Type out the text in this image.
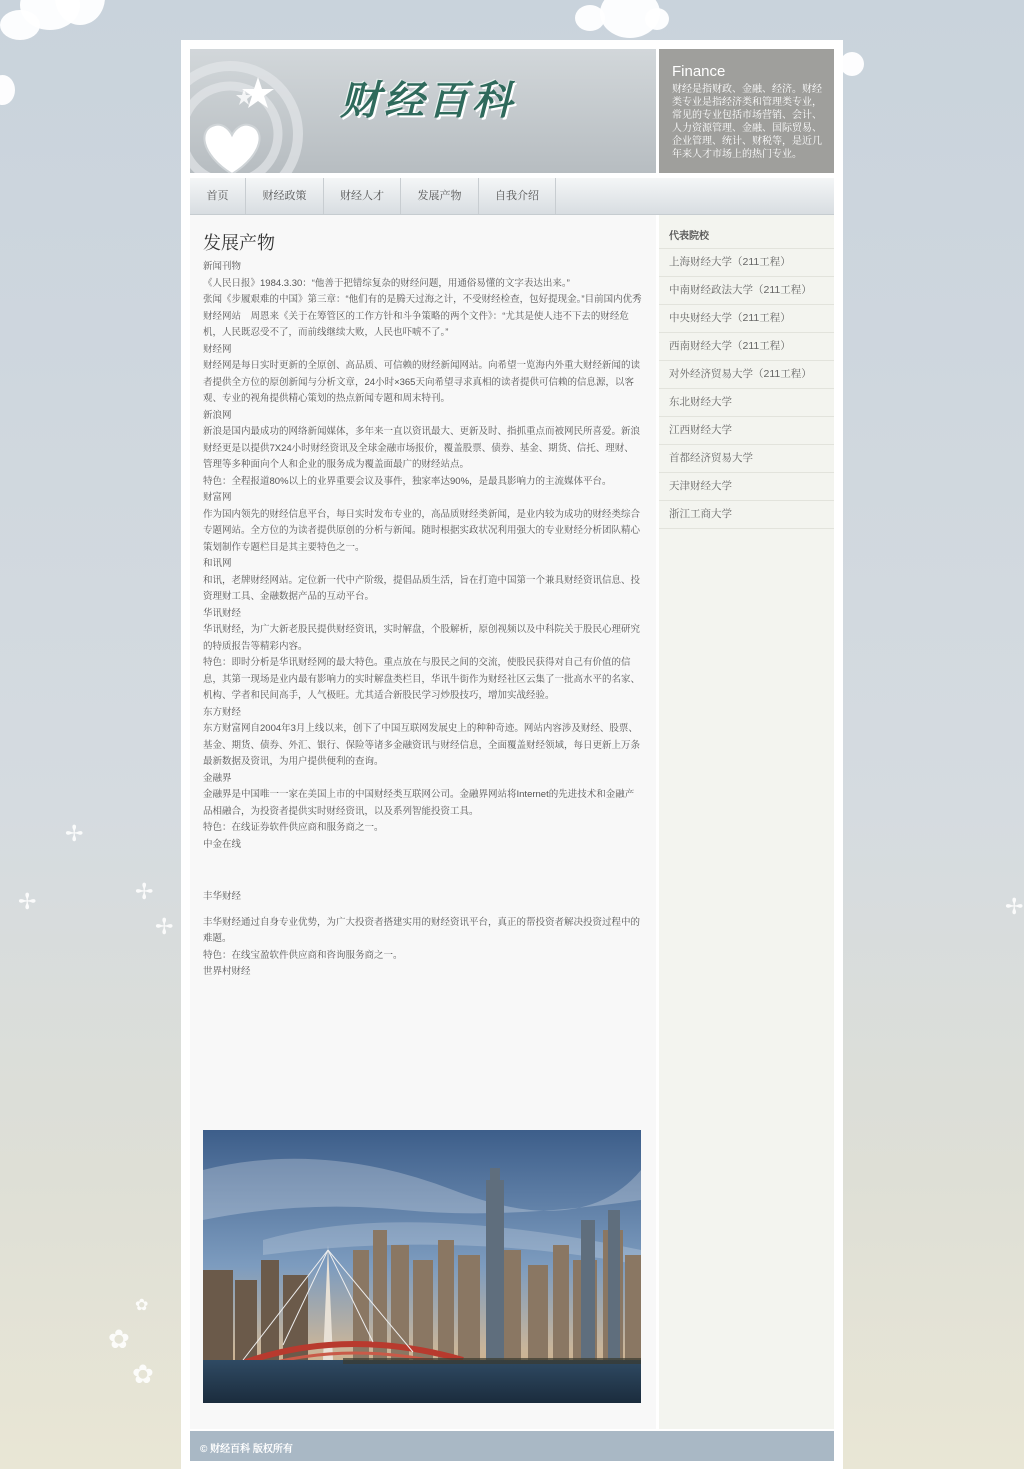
✢
✢	✢
✢
✢
✿
✿
✿
财经百科
Finance
财经是指财政、金融、经济。财经类专业是指经济类和管理类专业，常见的专业包括市场营销、会计、人力资源管理、金融、国际贸易、企业管理、统计、财税等，是近几年来人才市场上的热门专业。
首页	财经政策	财经人才	发展产物	自我介绍
发展产物

新闻刊物

《人民日报》1984.3.30：“他善于把错综复杂的财经问题，用通俗易懂的文字表达出来。”

张闻《步履艰难的中国》第三章：“他们有的是腾天过海之计，不受财经检查，包好提现金。”目前国内优秀财经网站　周恩来《关于在筹管区的工作方针和斗争策略的两个文件》：“尤其是使人违不下去的财经危机，人民既忍受不了，而前线继续大败，人民也吓唬不了。”

财经网

财经网是每日实时更新的全原创、高品质、可信赖的财经新闻网站。向希望一览海内外重大财经新闻的读者提供全方位的原创新闻与分析文章，24小时×365天向希望寻求真相的读者提供可信赖的信息源，以客观、专业的视角提供精心策划的热点新闻专题和周末特刊。

新浪网

新浪是国内最成功的网络新闻媒体，多年来一直以资讯最大、更新及时、指抓重点而被网民所喜爱。新浪财经更是以提供7X24小时财经资讯及全球金融市场报价，覆盖股票、债券、基金、期货、信托、理财、管理等多种面向个人和企业的服务成为覆盖面最广的财经站点。

特色：全程报道80%以上的业界重要会议及事件，独家率达90%，是最具影响力的主流媒体平台。

财富网

作为国内领先的财经信息平台，每日实时发布专业的，高品质财经类新闻，是业内较为成功的财经类综合专题网站。全方位的为读者提供原创的分析与新闻。随时根据实政状况利用强大的专业财经分析团队精心策划制作专题栏目是其主要特色之一。

和讯网

和讯，老牌财经网站。定位新一代中产阶级，提倡品质生活，旨在打造中国第一个兼具财经资讯信息、投资理财工具、金融数据产品的互动平台。

华讯财经

华讯财经，为广大新老股民提供财经资讯，实时解盘，个股解析，原创视频以及中科院关于股民心理研究的特质报告等精彩内容。

特色：即时分析是华讯财经网的最大特色。重点放在与股民之间的交流，使股民获得对自己有价值的信息，其第一现场是业内最有影响力的实时解盘类栏目，华讯牛街作为财经社区云集了一批高水平的名家、机构、学者和民间高手，人气极旺。尤其适合新股民学习炒股技巧，增加实战经验。

东方财经

东方财富网自2004年3月上线以来，创下了中国互联网发展史上的种种奇迹。网站内容涉及财经、股票、基金、期货、债券、外汇、银行、保险等诸多金融资讯与财经信息，全面覆盖财经领域，每日更新上万条最新数据及资讯，为用户提供便利的查询。

金融界

金融界是中国唯一一家在美国上市的中国财经类互联网公司。金融界网站将Internet的先进技术和金融产品相融合，为投资者提供实时财经资讯，以及系列智能投资工具。

特色：在线证券软件供应商和服务商之一。

中金在线

丰华财经

丰华财经通过自身专业优势，为广大投资者搭建实用的财经资讯平台，真正的帮投资者解决投资过程中的难题。

特色：在线宝盈软件供应商和咨询服务商之一。

世界村财经

代表院校
上海财经大学（211工程）
中南财经政法大学（211工程）
中央财经大学（211工程）
西南财经大学（211工程）
对外经济贸易大学（211工程）
东北财经大学
江西财经大学
首都经济贸易大学
天津财经大学
浙江工商大学
© 财经百科 版权所有
